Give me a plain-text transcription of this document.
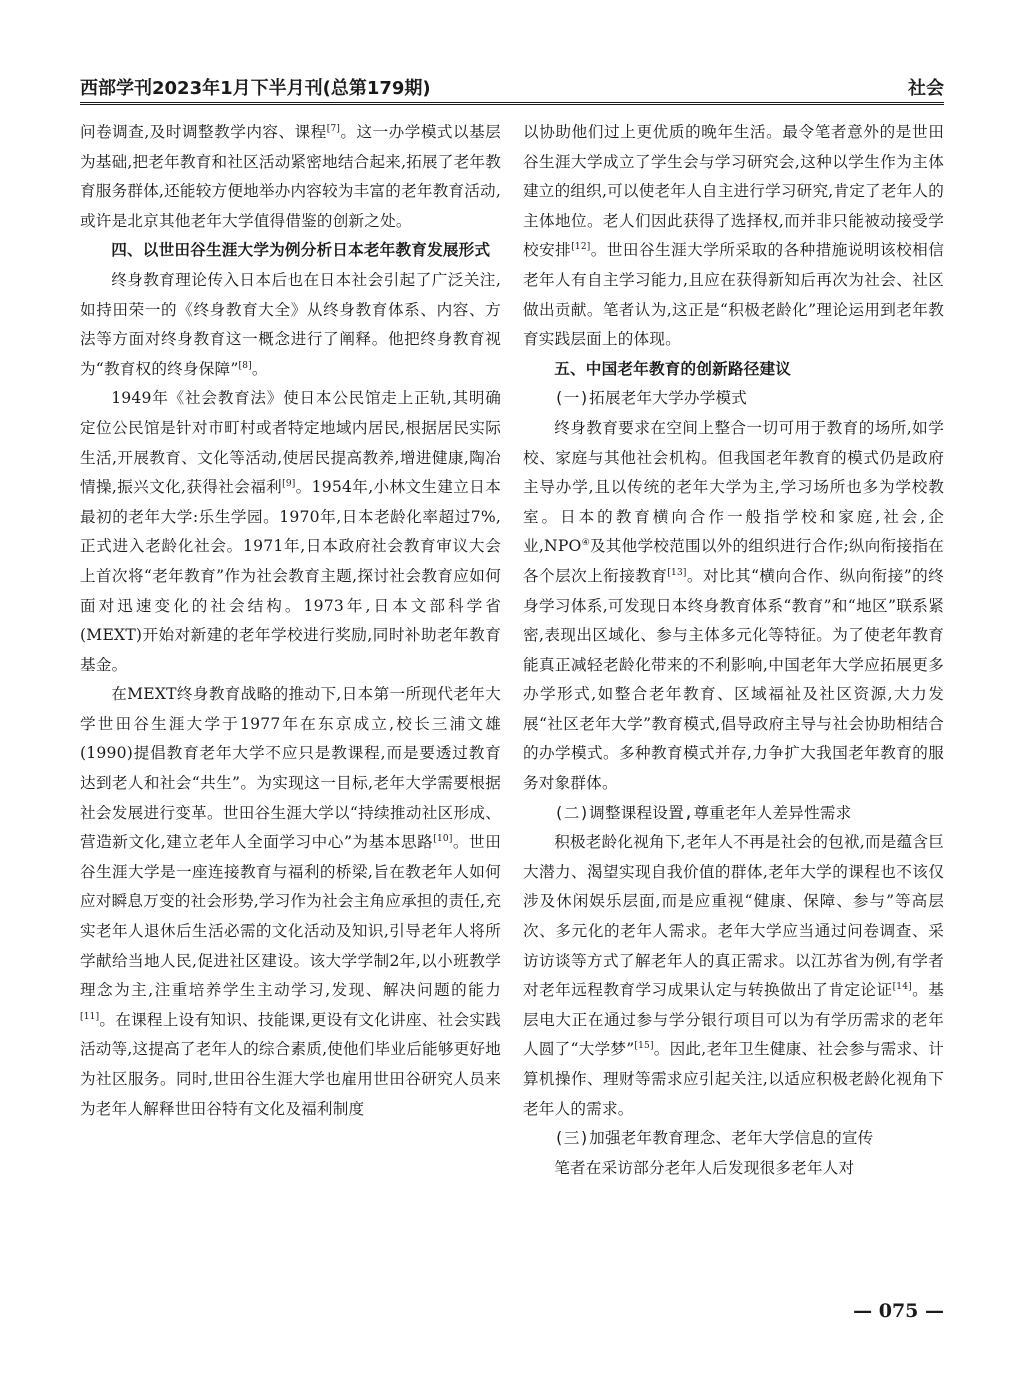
西部学刊2023年1月下半月刊(总第179期)	社会

问卷调查,及时调整教学内容、课程[7]。这一办学模式以基层为基础,把老年教育和社区活动紧密地结合起来,拓展了老年教育服务群体,还能较方便地举办内容较为丰富的老年教育活动,或许是北京其他老年大学值得借鉴的创新之处。

四、以世田谷生涯大学为例分析日本老年教育发展形式

终身教育理论传入日本后也在日本社会引起了广泛关注,如持田荣一的《终身教育大全》从终身教育体系、内容、方法等方面对终身教育这一概念进行了阐释。他把终身教育视为“教育权的终身保障”[8]。

1949年《社会教育法》使日本公民馆走上正轨,其明确定位公民馆是针对市町村或者特定地域内居民,根据居民实际生活,开展教育、文化等活动,使居民提高教养,增进健康,陶冶情操,振兴文化,获得社会福利[9]。1954年,小林文生建立日本最初的老年大学:乐生学园。1970年,日本老龄化率超过7%,正式进入老龄化社会。1971年,日本政府社会教育审议大会上首次将“老年教育”作为社会教育主题,探讨社会教育应如何面对迅速变化的社会结构。1973年,日本文部科学省(MEXT)开始对新建的老年学校进行奖励,同时补助老年教育基金。

在MEXT终身教育战略的推动下,日本第一所现代老年大学世田谷生涯大学于1977年在东京成立,校长三浦文雄(1990)提倡教育老年大学不应只是教课程,而是要透过教育达到老人和社会“共生”。为实现这一目标,老年大学需要根据社会发展进行变革。世田谷生涯大学以“持续推动社区形成、营造新文化,建立老年人全面学习中心”为基本思路[10]。世田谷生涯大学是一座连接教育与福利的桥梁,旨在教老年人如何应对瞬息万变的社会形势,学习作为社会主角应承担的责任,充实老年人退休后生活必需的文化活动及知识,引导老年人将所学献给当地人民,促进社区建设。该大学学制2年,以小班教学理念为主,注重培养学生主动学习,发现、解决问题的能力[11]。在课程上设有知识、技能课,更设有文化讲座、社会实践活动等,这提高了老年人的综合素质,使他们毕业后能够更好地为社区服务。同时,世田谷生涯大学也雇用世田谷研究人员来为老年人解释世田谷特有文化及福利制度

以协助他们过上更优质的晚年生活。最令笔者意外的是世田谷生涯大学成立了学生会与学习研究会,这种以学生作为主体建立的组织,可以使老年人自主进行学习研究,肯定了老年人的主体地位。老人们因此获得了选择权,而并非只能被动接受学校安排[12]。世田谷生涯大学所采取的各种措施说明该校相信老年人有自主学习能力,且应在获得新知后再次为社会、社区做出贡献。笔者认为,这正是“积极老龄化”理论运用到老年教育实践层面上的体现。

五、中国老年教育的创新路径建议
(一)拓展老年大学办学模式

终身教育要求在空间上整合一切可用于教育的场所,如学校、家庭与其他社会机构。但我国老年教育的模式仍是政府主导办学,且以传统的老年大学为主,学习场所也多为学校教室。日本的教育横向合作一般指学校和家庭,社会,企业,NPO④及其他学校范围以外的组织进行合作;纵向衔接指在各个层次上衔接教育[13]。对比其“横向合作、纵向衔接”的终身学习体系,可发现日本终身教育体系“教育”和“地区”联系紧密,表现出区域化、参与主体多元化等特征。为了使老年教育能真正减轻老龄化带来的不利影响,中国老年大学应拓展更多办学形式,如整合老年教育、区域福祉及社区资源,大力发展“社区老年大学”教育模式,倡导政府主导与社会协助相结合的办学模式。多种教育模式并存,力争扩大我国老年教育的服务对象群体。

(二)调整课程设置,尊重老年人差异性需求

积极老龄化视角下,老年人不再是社会的包袱,而是蕴含巨大潜力、渴望实现自我价值的群体,老年大学的课程也不该仅涉及休闲娱乐层面,而是应重视“健康、保障、参与”等高层次、多元化的老年人需求。老年大学应当通过问卷调查、采访访谈等方式了解老年人的真正需求。以江苏省为例,有学者对老年远程教育学习成果认定与转换做出了肯定论证[14]。基层电大正在通过参与学分银行项目可以为有学历需求的老年人圆了“大学梦”[15]。因此,老年卫生健康、社会参与需求、计算机操作、理财等需求应引起关注,以适应积极老龄化视角下老年人的需求。

(三)加强老年教育理念、老年大学信息的宣传

笔者在采访部分老年人后发现很多老年人对

— 075 —
